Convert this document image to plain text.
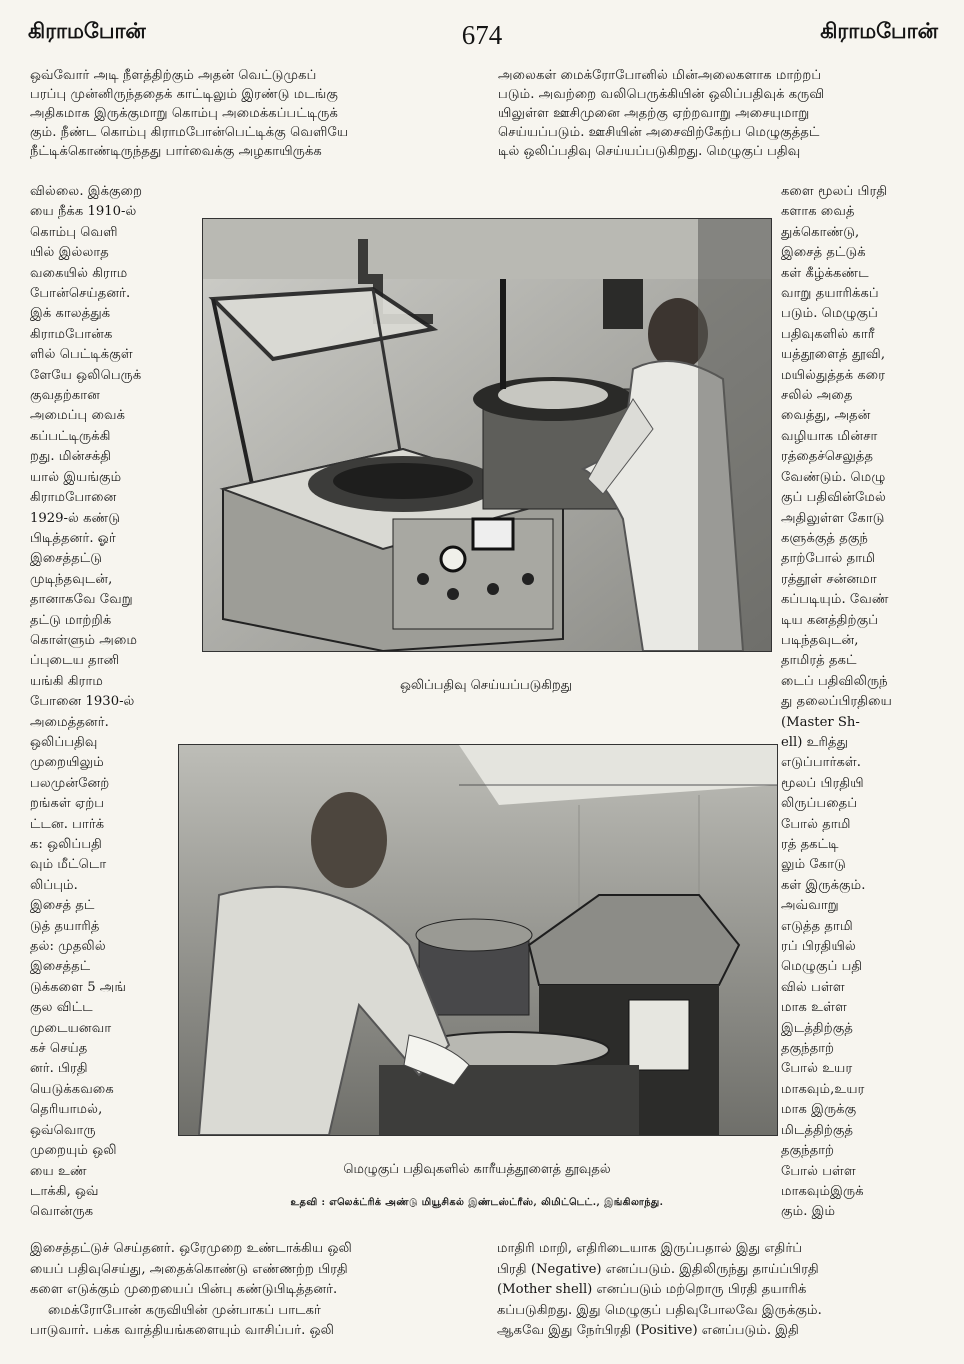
கிராமபோன்	674	கிராமபோன்
ஒவ்வோர் அடி நீளத்திற்கும் அதன் வெட்டுமுகப்
பரப்பு முன்னிருந்ததைக் காட்டிலும் இரண்டு மடங்கு
அதிகமாக இருக்குமாறு கொம்பு அமைக்கப்பட்டிருக்
கும். நீண்ட கொம்பு கிராமபோன்பெட்டிக்கு வெளியே
நீட்டிக்கொண்டிருந்தது பார்வைக்கு அழகாயிருக்க
அலைகள் மைக்ரோபோனில் மின்அலைகளாக மாற்றப்
படும். அவற்றை வலிபெருக்கியின் ஒலிப்பதிவுக் கருவி
யிலுள்ள ஊசிமுனை அதற்கு ஏற்றவாறு அசையுமாறு
செய்யப்படும். ஊசியின் அசைவிற்கேற்ப மெழுகுத்தட்
டில் ஒலிப்பதிவு செய்யப்படுகிறது. மெழுகுப் பதிவு
வில்லை. இக்குறை
யை நீக்க 1910-ல்
கொம்பு வெளி
யில் இல்லாத
வகையில் கிராம
போன்செய்தனர்.
இக் காலத்துக்
கிராமபோன்க
ளில் பெட்டிக்குள்
ளேயே ஒலிபெருக்
குவதற்கான
அமைப்பு வைக்
கப்பட்டிருக்கி
றது. மின்சக்தி
யால் இயங்கும்
கிராமபோனை
1929-ல் கண்டு
பிடித்தனர். ஓர்
இசைத்தட்டு
முடிந்தவுடன்,
தானாகவே வேறு
தட்டு மாற்றிக்
கொள்ளும் அமை
ப்புடைய தானி
யங்கி கிராம
போனை 1930-ல்
அமைத்தனர்.
ஒலிப்பதிவு
முறையிலும்
பலமுன்னேற்
றங்கள் ஏற்ப
ட்டன. பார்க்
க: ஒலிப்பதி
வும் மீட்டொ
லிப்பும்.
இசைத் தட்
டுத் தயாரித்
தல்: முதலில்
இசைத்தட்
டுக்களை 5 அங்
குல விட்ட
முடையனவா
கச் செய்த
னர். பிரதி
யெடுக்கவகை
தெரியாமல்,
ஒவ்வொரு
முறையும் ஒலி
யை உண்
டாக்கி, ஒவ்
வொன்ருக
களை மூலப் பிரதி
களாக வைத்
துக்கொண்டு,
இசைத் தட்டுக்
கள் கீழ்க்கண்ட
வாறு தயாரிக்கப்
படும். மெழுகுப்
பதிவுகளில் காரீ
யத்தூளைத் தூவி,
மயில்துத்தக் கரை
சலில் அதை
வைத்து, அதன்
வழியாக மின்சா
ரத்தைச்செலுத்த
வேண்டும். மெழு
குப் பதிவின்மேல்
அதிலுள்ள கோடு
களுக்குத் தகுந்
தாற்போல் தாமி
ரத்தூள் சன்னமா
கப்படியும். வேண்
டிய கனத்திற்குப்
படிந்தவுடன்,
தாமிரத் தகட்
டைப் பதிவிலிருந்
து தலைப்பிரதியை
(Master Sh-
ell) உரித்து
எடுப்பார்கள்.
மூலப் பிரதியி
லிருப்பதைப்
போல் தாமி
ரத் தகட்டி
லும் கோடு
கள் இருக்கும்.
அவ்வாறு
எடுத்த தாமி
ரப் பிரதியில்
மெழுகுப் பதி
வில் பள்ள
மாக உள்ள
இடத்திற்குத்
தகுந்தாற்
போல் உயர
மாகவும்,உயர
மாக இருக்கு
மிடத்திற்குத்
தகுந்தாற்
போல் பள்ள
மாகவும்இருக்
கும். இம்
ஒலிப்பதிவு செய்யப்படுகிறது
மெழுகுப் பதிவுகளில் காரீயத்தூளைத் தூவுதல்
உதவி : எலெக்ட்ரிக் அண்டு மியூசிகல் இண்டஸ்ட்ரீஸ், லிமிட்டெட்., இங்கிலாந்து.
இசைத்தட்டுச் செய்தனர். ஒரேமுறை உண்டாக்கிய ஒலி
யைப் பதிவுசெய்து, அதைக்கொண்டு எண்ணற்ற பிரதி
களை எடுக்கும் முறையைப் பின்பு கண்டுபிடித்தனர்.
மைக்ரோபோன் கருவியின் முன்பாகப் பாடகர்
பாடுவார். பக்க வாத்தியங்களையும் வாசிப்பர். ஒலி
மாதிரி மாறி, எதிரிடையாக இருப்பதால் இது எதிர்ப்
பிரதி (Negative) எனப்படும். இதிலிருந்து தாய்ப்பிரதி
(Mother shell) எனப்படும் மற்றொரு பிரதி தயாரிக்
கப்படுகிறது. இது மெழுகுப் பதிவுபோலவே இருக்கும்.
ஆகவே இது நேர்பிரதி (Positive) எனப்படும். இதி
